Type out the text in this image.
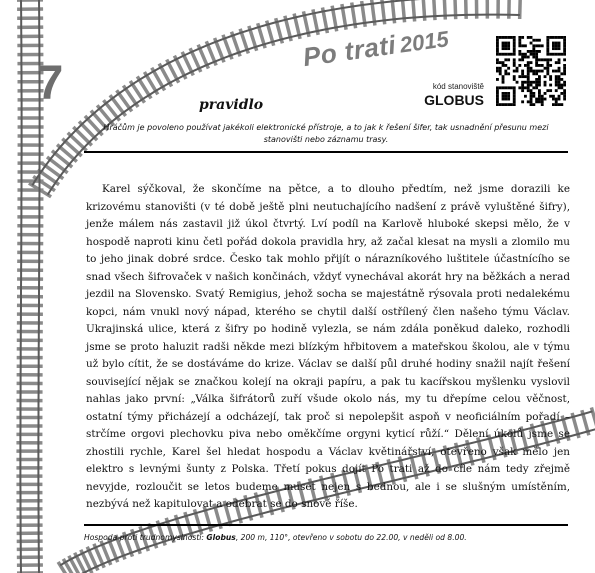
7
Po trati2015
kód stanoviště
GLOBUS
pravidlo
Hráčům je povoleno používat jakékoli elektronické přístroje, a to jak k řešení šifer, tak usnadnění přesunu mezi stanovišti nebo záznamu trasy.

Karel sýčkoval, že skončíme na pětce, a to dlouho předtím, než jsme dorazili ke krizovému stanovišti (v té době ještě plni neutuchajícího nadšení z právě vyluštěné šifry), jenže málem nás zastavil již úkol čtvrtý. Lví podíl na Karlově hluboké skepsi mělo, že v hospodě naproti kinu četl pořád dokola pravidla hry, až začal klesat na mysli a zlomilo mu to jeho jinak dobré srdce. Česko tak mohlo přijít o nárazníkového luštitele účastnícího se snad všech šifrovaček v našich končinách, vždyť vynechával akorát hry na běžkách a nerad jezdil na Slovensko. Svatý Remigius, jehož socha se majestátně rýsovala proti nedalekému kopci, nám vnukl nový nápad, kterého se chytil další ostřílený člen našeho týmu Václav. Ukrajinská ulice, která z šifry po hodině vylezla, se nám zdála poněkud daleko, rozhodli jsme se proto haluzit radši někde mezi blízkým hřbitovem a mateřskou školou, ale v týmu už bylo cítit, že se dostáváme do krize. Václav se další půl druhé hodiny snažil najít řešení související nějak se značkou kolejí na okraji papíru, a pak tu kacířskou myšlenku vyslovil nahlas jako první: „Válka šifrátorů zuří všude okolo nás, my tu dřepíme celou věčnost, ostatní týmy přicházejí a odcházejí, tak proč si nepolepšit aspoň v neoficiálním pořadí – strčíme orgovi plechovku piva nebo oměkčíme orgyni kyticí růží.“ Dělení úkolů jsme se zhostili rychle, Karel šel hledat hospodu a Václav květinářství, otevřeno však mělo jen elektro s levnými šunty z Polska. Třetí pokus dojít Po trati až do cíle nám tedy zřejmě nevyjde, rozloučit se letos budeme muset nejen s bednou, ale i se slušným umístěním, nezbývá než kapitulovat a odebrat se do snové říše.

Hospoda proti trudnomyslnosti: Globus, 200 m, 110°, otevřeno v sobotu do 22.00, v neděli od 8.00.
